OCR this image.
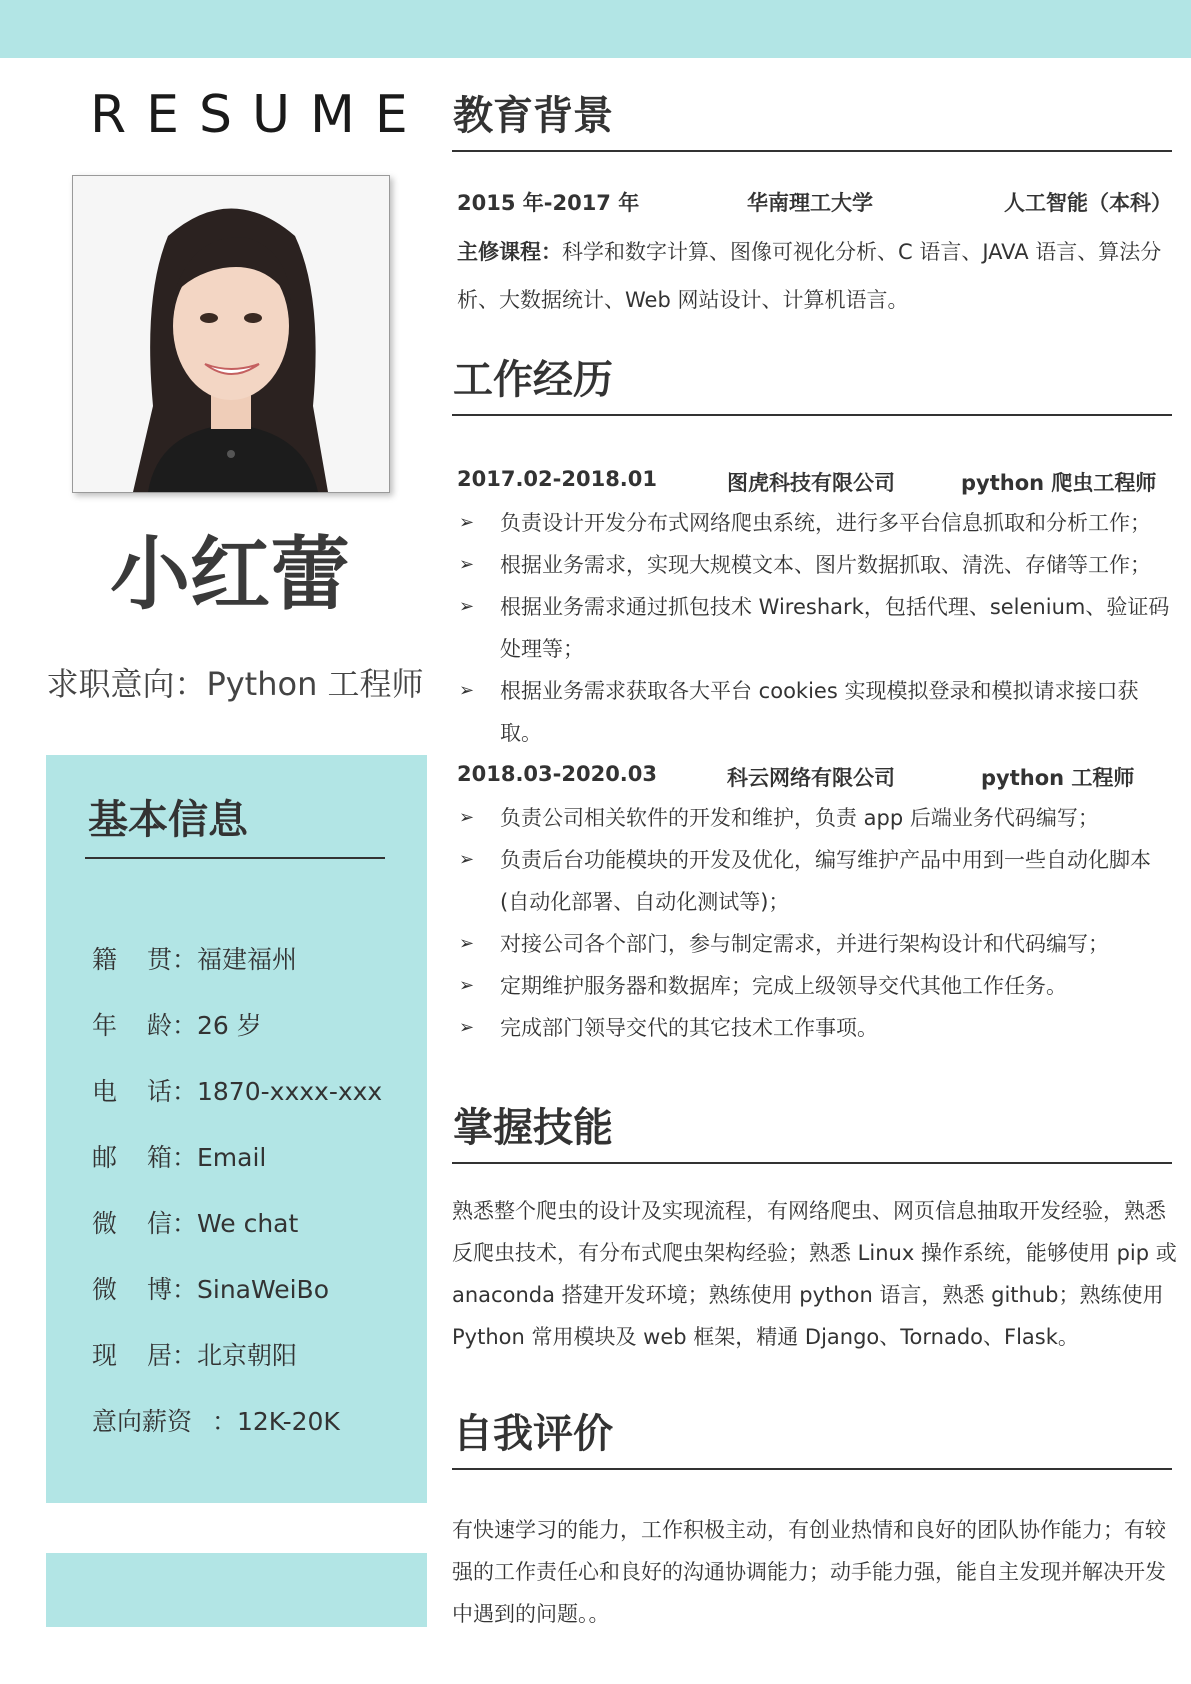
RESUME
小红蕾
求职意向：Python 工程师
基本信息
籍贯：福建福州
年龄：26 岁
电话：1870-xxxx-xxx
邮箱：Email
微信：We chat
微博：SinaWeiBo
现居：北京朝阳
意向薪资 ：12K-20K
教育背景
2015 年-2017 年	华南理工大学	人工智能（本科）
主修课程：科学和数字计算、图像可视化分析、C 语言、JAVA 语言、算法分析、大数据统计、Web 网站设计、计算机语言。
工作经历
2017.02-2018.01	图虎科技有限公司	python 爬虫工程师
➢ 负责设计开发分布式网络爬虫系统，进行多平台信息抓取和分析工作；
➢ 根据业务需求，实现大规模文本、图片数据抓取、清洗、存储等工作；
➢ 根据业务需求通过抓包技术 Wireshark，包括代理、selenium、验证码处理等；
➢ 根据业务需求获取各大平台 cookies 实现模拟登录和模拟请求接口获取。
2018.03-2020.03	科云网络有限公司	python 工程师
➢ 负责公司相关软件的开发和维护，负责 app 后端业务代码编写；
➢ 负责后台功能模块的开发及优化，编写维护产品中用到一些自动化脚本(自动化部署、自动化测试等)；
➢ 对接公司各个部门，参与制定需求，并进行架构设计和代码编写；
➢ 定期维护服务器和数据库；完成上级领导交代其他工作任务。
➢ 完成部门领导交代的其它技术工作事项。
掌握技能
熟悉整个爬虫的设计及实现流程，有网络爬虫、网页信息抽取开发经验，熟悉反爬虫技术，有分布式爬虫架构经验；熟悉 Linux 操作系统，能够使用 pip 或 anaconda 搭建开发环境；熟练使用 python 语言，熟悉 github；熟练使用 Python 常用模块及 web 框架，精通 Django、Tornado、Flask。
自我评价
有快速学习的能力，工作积极主动，有创业热情和良好的团队协作能力；有较强的工作责任心和良好的沟通协调能力；动手能力强，能自主发现并解决开发中遇到的问题。。
